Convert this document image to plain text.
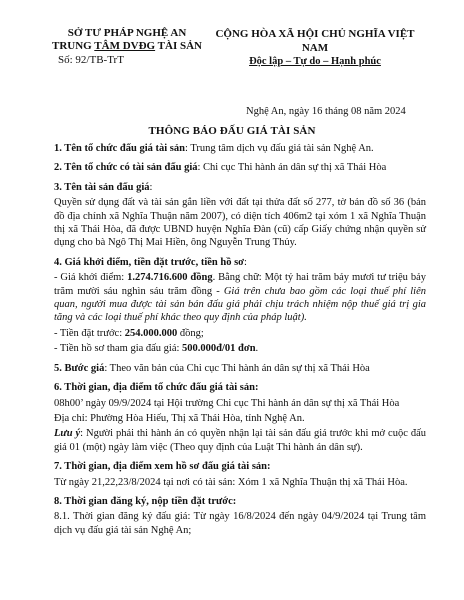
SỞ TƯ PHÁP NGHỆ AN
TRUNG TÂM DVĐG TÀI SẢN
Số: 92/TB-TrT
CỘNG HÒA XÃ HỘI CHỦ NGHĨA VIỆT NAM
Độc lập – Tự do – Hạnh phúc
Nghệ An, ngày 16 tháng 08 năm 2024
THÔNG BÁO ĐẤU GIÁ TÀI SẢN

1. Tên tổ chức đấu giá tài sản: Trung tâm dịch vụ đấu giá tài sản Nghệ An.

2. Tên tổ chức có tài sản đấu giá: Chi cục Thi hành án dân sự thị xã Thái Hòa

3. Tên tài sản đấu giá:

Quyền sử dụng đất và tài sản gắn liền với đất tại thửa đất số 277, tờ bản đồ số 36 (bản đồ địa chính xã Nghĩa Thuận năm 2007), có diện tích 406m2 tại xóm 1 xã Nghĩa Thuận thị xã Thái Hòa, đã được UBND huyện Nghĩa Đàn (cũ) cấp Giấy chứng nhận quyền sử dụng cho bà Ngô Thị Mai Hiền, ông Nguyễn Trung Thủy.

4. Giá khởi điểm, tiền đặt trước, tiền hồ sơ:

- Giá khởi điểm: 1.274.716.600 đồng. Bằng chữ: Một tỷ hai trăm bảy mươi tư triệu bảy trăm mười sáu nghìn sáu trăm đồng - Giá trên chưa bao gồm các loại thuế phí liên quan, người mua được tài sản bán đấu giá phải chịu trách nhiệm nộp thuế giá trị gia tăng và các loại thuế phí khác theo quy định của pháp luật).

- Tiền đặt trước: 254.000.000 đồng;

- Tiền hồ sơ tham gia đấu giá: 500.000đ/01 đơn.

5. Bước giá: Theo văn bản của Chi cục Thi hành án dân sự thị xã Thái Hòa

6. Thời gian, địa điểm tổ chức đấu giá tài sản:

08h00’ ngày 09/9/2024 tại Hội trường Chi cục Thi hành án dân sự thị xã Thái Hòa

Địa chỉ: Phường Hòa Hiếu, Thị xã Thái Hòa, tỉnh Nghệ An.

Lưu ý: Người phải thi hành án có quyền nhận lại tài sản đấu giá trước khi mở cuộc đấu giá 01 (một) ngày làm việc (Theo quy định của Luật Thi hành án dân sự).

7. Thời gian, địa điểm xem hồ sơ đấu giá tài sản:

Từ ngày 21,22,23/8/2024 tại nơi có tài sản: Xóm 1 xã Nghĩa Thuận thị xã Thái Hòa.

8. Thời gian đăng ký, nộp tiền đặt trước:

8.1. Thời gian đăng ký đấu giá: Từ ngày 16/8/2024 đến ngày 04/9/2024 tại Trung tâm dịch vụ đấu giá tài sản Nghệ An;
